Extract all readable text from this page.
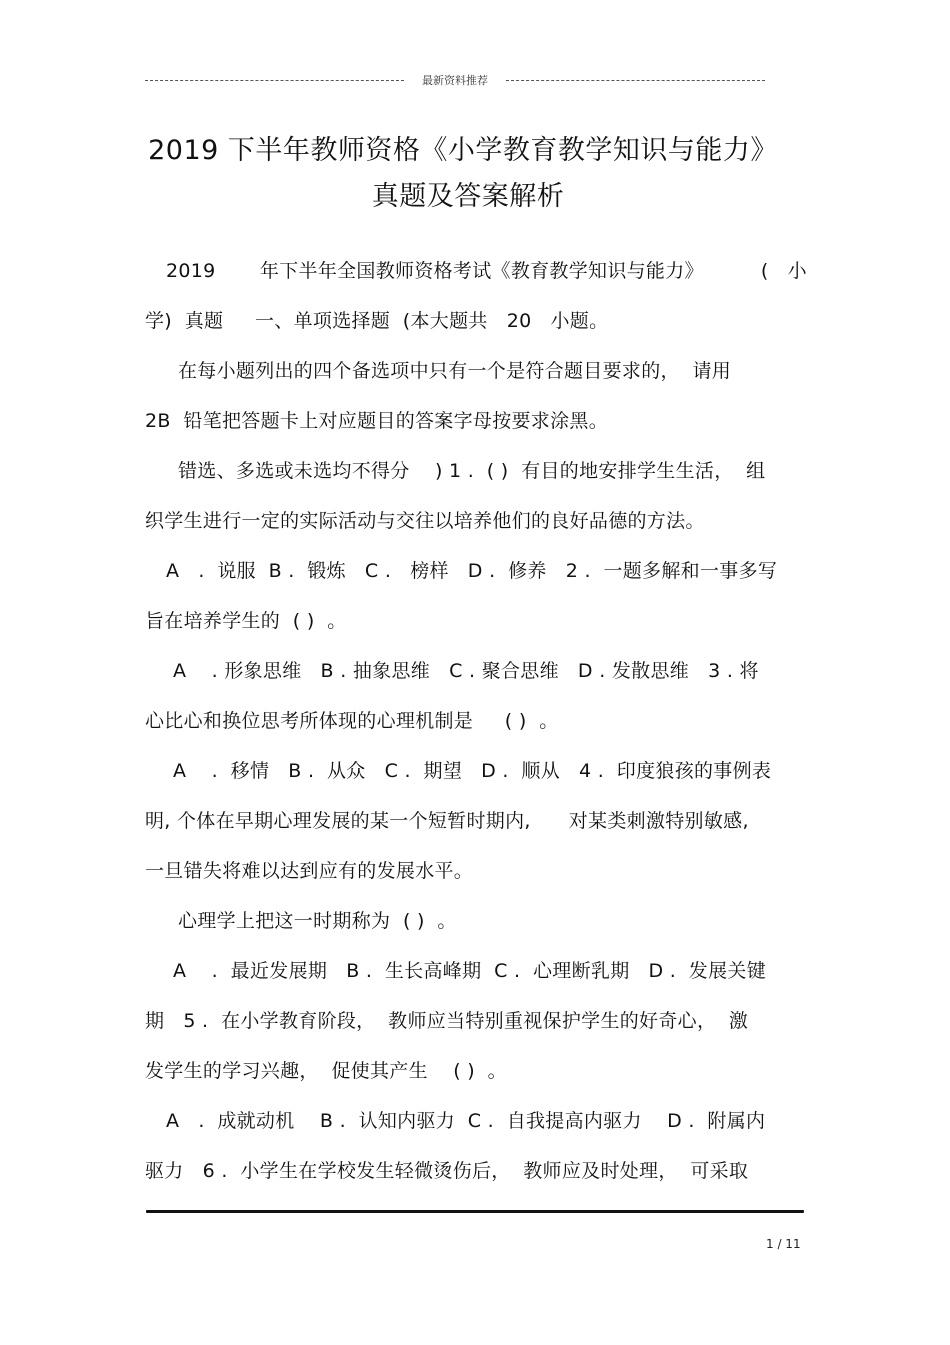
最新资料推荐
2019 下半年教师资格《小学教育教学知识与能力》
真题及答案解析
2019       年下半年全国教师资格考试《教育教学知识与能力》         (   小
学)  真题     一、单项选择题  (本大题共   20   小题。
在每小题列出的四个备选项中只有一个是符合题目要求的，  请用
2B  铅笔把答题卡上对应题目的答案字母按要求涂黑。
错选、多选或未选均不得分    ) 1 .  ( )  有目的地安排学生生活，  组
织学生进行一定的实际活动与交往以培养他们的良好品德的方法。
A   .  说服  B .  锻炼   C .   榜样   D .  修养   2 .  一题多解和一事多写
旨在培养学生的  ( )  。
A    . 形象思维   B . 抽象思维   C . 聚合思维   D . 发散思维   3 . 将
心比心和换位思考所体现的心理机制是     ( )  。
A    .  移情   B .  从众   C .  期望   D .  顺从   4 .  印度狼孩的事例表
明, 个体在早期心理发展的某一个短暂时期内,      对某类刺激特别敏感,
一旦错失将难以达到应有的发展水平。
心理学上把这一时期称为  ( )  。
A    .  最近发展期   B .  生长高峰期  C .  心理断乳期   D .  发展关键
期   5 .  在小学教育阶段，  教师应当特别重视保护学生的好奇心，  激
发学生的学习兴趣，  促使其产生    ( )  。
A   .  成就动机    B .  认知内驱力  C .  自我提高内驱力    D .  附属内
驱力   6 .  小学生在学校发生轻微烫伤后，  教师应及时处理，  可采取
1 / 11
